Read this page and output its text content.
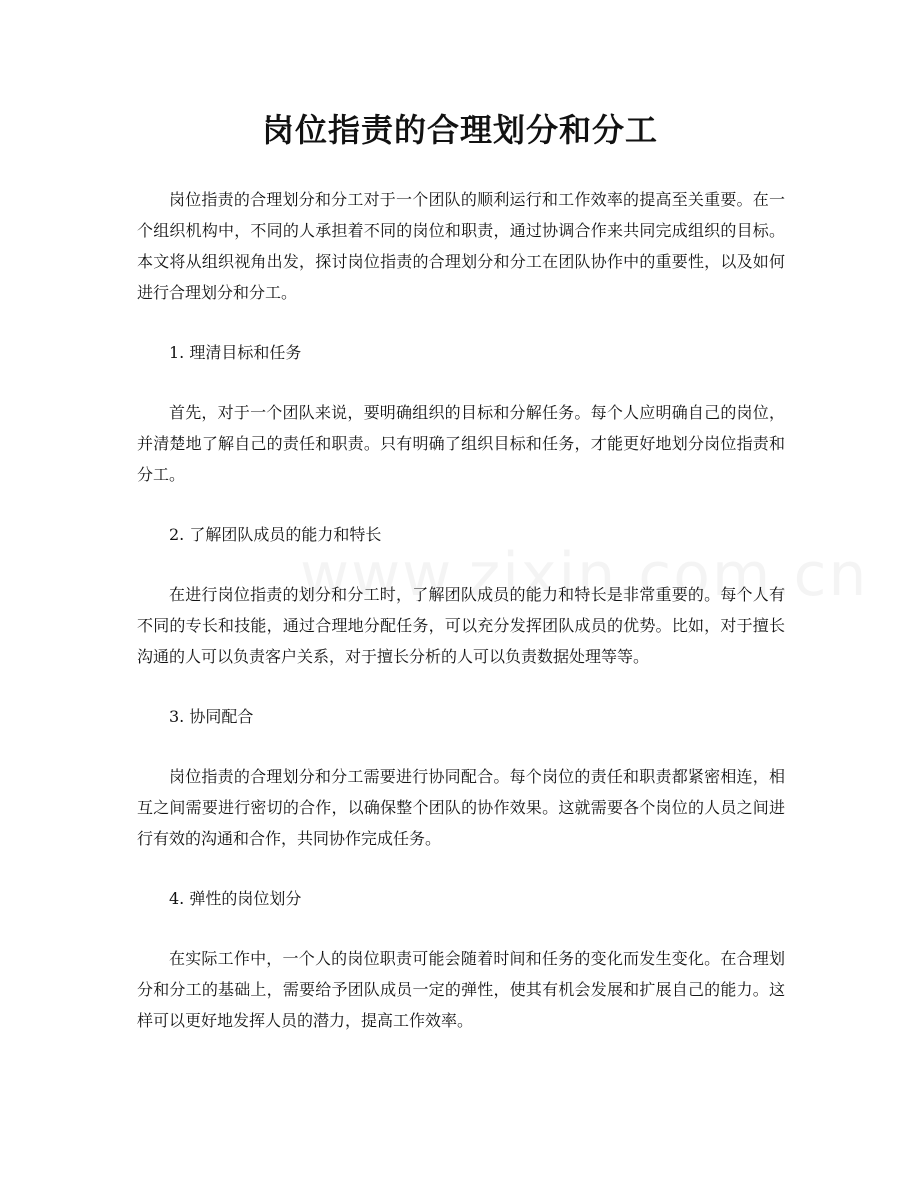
岗位指责的合理划分和分工

岗位指责的合理划分和分工对于一个团队的顺利运行和工作效率的提高至关重要。在一个组织机构中，不同的人承担着不同的岗位和职责，通过协调合作来共同完成组织的目标。本文将从组织视角出发，探讨岗位指责的合理划分和分工在团队协作中的重要性，以及如何进行合理划分和分工。

1. 理清目标和任务

首先，对于一个团队来说，要明确组织的目标和分解任务。每个人应明确自己的岗位，并清楚地了解自己的责任和职责。只有明确了组织目标和任务，才能更好地划分岗位指责和分工。

2. 了解团队成员的能力和特长

在进行岗位指责的划分和分工时，了解团队成员的能力和特长是非常重要的。每个人有不同的专长和技能，通过合理地分配任务，可以充分发挥团队成员的优势。比如，对于擅长沟通的人可以负责客户关系，对于擅长分析的人可以负责数据处理等等。

3. 协同配合

岗位指责的合理划分和分工需要进行协同配合。每个岗位的责任和职责都紧密相连，相互之间需要进行密切的合作，以确保整个团队的协作效果。这就需要各个岗位的人员之间进行有效的沟通和合作，共同协作完成任务。

4. 弹性的岗位划分

在实际工作中，一个人的岗位职责可能会随着时间和任务的变化而发生变化。在合理划分和分工的基础上，需要给予团队成员一定的弹性，使其有机会发展和扩展自己的能力。这样可以更好地发挥人员的潜力，提高工作效率。
